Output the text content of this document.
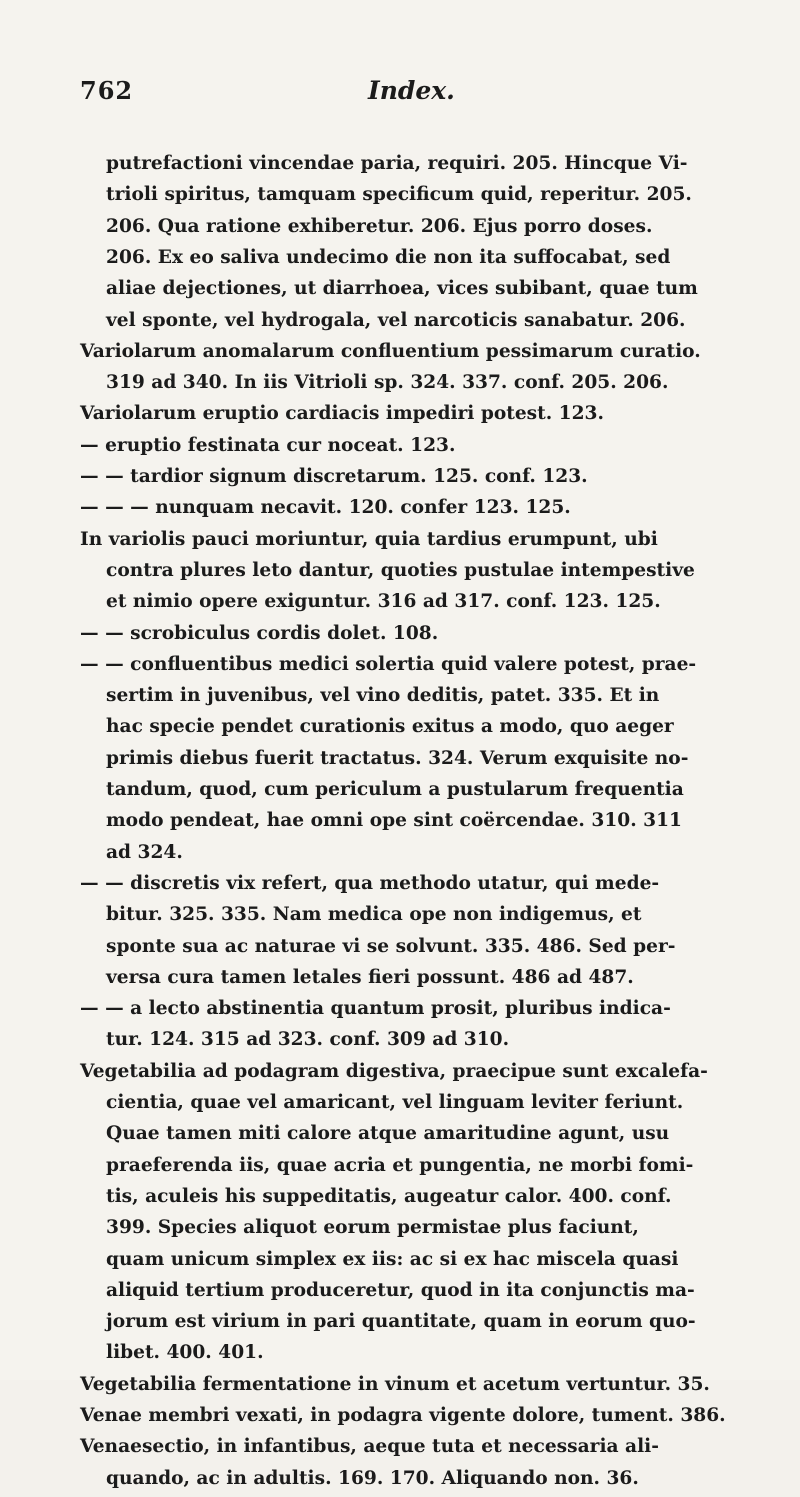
762	Index.
putrefactioni vincendae paria, requiri. 205. Hincque Vi-
trioli spiritus, tamquam specificum quid, reperitur. 205.
206. Qua ratione exhiberetur. 206. Ejus porro doses.
206. Ex eo saliva undecimo die non ita suffocabat, sed
aliae dejectiones, ut diarrhoea, vices subibant, quae tum
vel sponte, vel hydrogala, vel narcoticis sanabatur. 206.
Variolarum anomalarum confluentium pessimarum curatio.
319 ad 340. In iis Vitrioli sp. 324. 337. conf. 205. 206.
Variolarum eruptio cardiacis impediri potest. 123.
— eruptio festinata cur noceat. 123.
— — tardior signum discretarum. 125. conf. 123.
— — — nunquam necavit. 120. confer 123. 125.
In variolis pauci moriuntur, quia tardius erumpunt, ubi
contra plures leto dantur, quoties pustulae intempestive
et nimio opere exiguntur. 316 ad 317. conf. 123. 125.
— — scrobiculus cordis dolet. 108.
— — confluentibus medici solertia quid valere potest, prae-
sertim in juvenibus, vel vino deditis, patet. 335. Et in
hac specie pendet curationis exitus a modo, quo aeger
primis diebus fuerit tractatus. 324. Verum exquisite no-
tandum, quod, cum periculum a pustularum frequentia
modo pendeat, hae omni ope sint coërcendae. 310. 311
ad 324.
— — discretis vix refert, qua methodo utatur, qui mede-
bitur. 325. 335. Nam medica ope non indigemus, et
sponte sua ac naturae vi se solvunt. 335. 486. Sed per-
versa cura tamen letales fieri possunt. 486 ad 487.
— — a lecto abstinentia quantum prosit, pluribus indica-
tur. 124. 315 ad 323. conf. 309 ad 310.
Vegetabilia ad podagram digestiva, praecipue sunt excalefa-
cientia, quae vel amaricant, vel linguam leviter feriunt.
Quae tamen miti calore atque amaritudine agunt, usu
praeferenda iis, quae acria et pungentia, ne morbi fomi-
tis, aculeis his suppeditatis, augeatur calor. 400. conf.
399. Species aliquot eorum permistae plus faciunt,
quam unicum simplex ex iis: ac si ex hac miscela quasi
aliquid tertium produceretur, quod in ita conjunctis ma-
jorum est virium in pari quantitate, quam in eorum quo-
libet. 400. 401.
Vegetabilia fermentatione in vinum et acetum vertuntur. 35.
Venae membri vexati, in podagra vigente dolore, tument. 386.
Venaesectio, in infantibus, aeque tuta et necessaria ali-
quando, ac in adultis. 169. 170. Aliquando non. 36.
